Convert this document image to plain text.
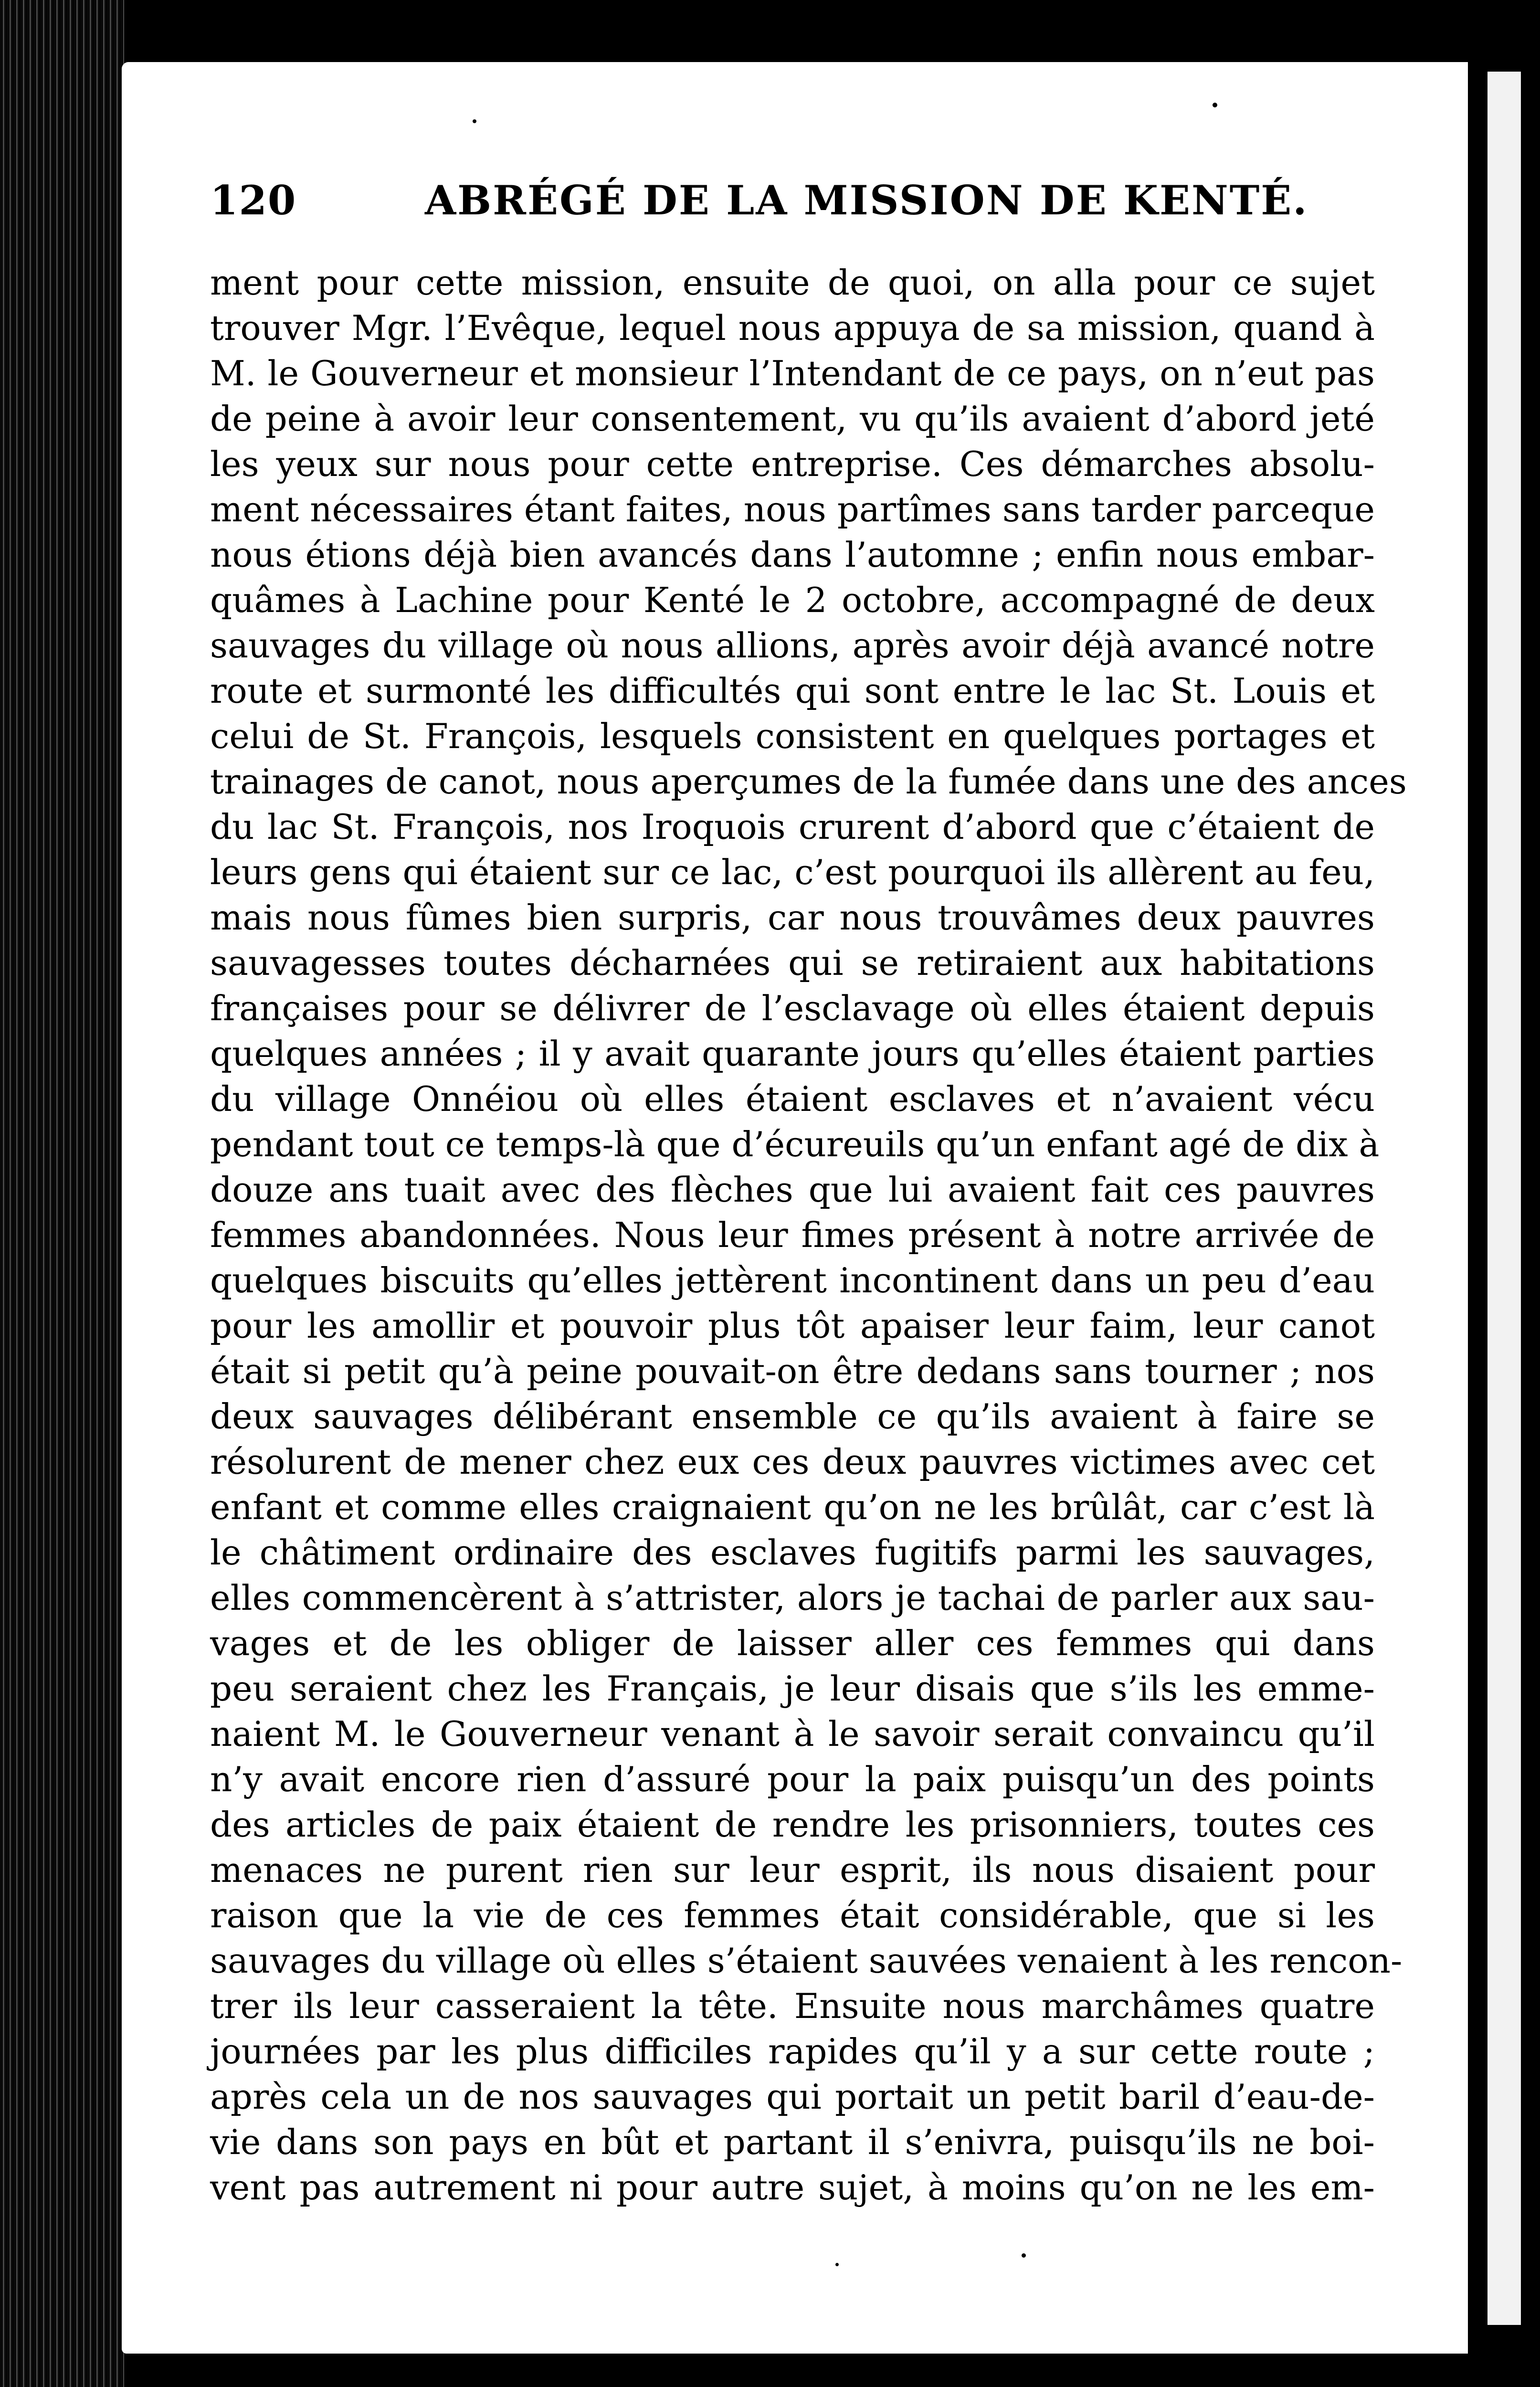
120	ABRÉGÉ DE LA MISSION DE KENTÉ.
ment pour cette mission, ensuite de quoi, on alla pour ce sujet
trouver Mgr. l’Evêque, lequel nous appuya de sa mission, quand à
M. le Gouverneur et monsieur l’Intendant de ce pays, on n’eut pas
de peine à avoir leur consentement, vu qu’ils avaient d’abord jeté
les yeux sur nous pour cette entreprise. Ces démarches absolu-
ment nécessaires étant faites, nous partîmes sans tarder parceque
nous étions déjà bien avancés dans l’automne ; enfin nous embar-
quâmes à Lachine pour Kenté le 2 octobre, accompagné de deux
sauvages du village où nous allions, après avoir déjà avancé notre
route et surmonté les difficultés qui sont entre le lac St. Louis et
celui de St. François, lesquels consistent en quelques portages et
trainages de canot, nous aperçumes de la fumée dans une des ances
du lac St. François, nos Iroquois crurent d’abord que c’étaient de
leurs gens qui étaient sur ce lac, c’est pourquoi ils allèrent au feu,
mais nous fûmes bien surpris, car nous trouvâmes deux pauvres
sauvagesses toutes décharnées qui se retiraient aux habitations
françaises pour se délivrer de l’esclavage où elles étaient depuis
quelques années ; il y avait quarante jours qu’elles étaient parties
du village Onnéiou où elles étaient esclaves et n’avaient vécu
pendant tout ce temps-là que d’écureuils qu’un enfant agé de dix à
douze ans tuait avec des flèches que lui avaient fait ces pauvres
femmes abandonnées. Nous leur fimes présent à notre arrivée de
quelques biscuits qu’elles jettèrent incontinent dans un peu d’eau
pour les amollir et pouvoir plus tôt apaiser leur faim, leur canot
était si petit qu’à peine pouvait-on être dedans sans tourner ; nos
deux sauvages délibérant ensemble ce qu’ils avaient à faire se
résolurent de mener chez eux ces deux pauvres victimes avec cet
enfant et comme elles craignaient qu’on ne les brûlât, car c’est là
le châtiment ordinaire des esclaves fugitifs parmi les sauvages,
elles commencèrent à s’attrister, alors je tachai de parler aux sau-
vages et de les obliger de laisser aller ces femmes qui dans
peu seraient chez les Français, je leur disais que s’ils les emme-
naient M. le Gouverneur venant à le savoir serait convaincu qu’il
n’y avait encore rien d’assuré pour la paix puisqu’un des points
des articles de paix étaient de rendre les prisonniers, toutes ces
menaces ne purent rien sur leur esprit, ils nous disaient pour
raison que la vie de ces femmes était considérable, que si les
sauvages du village où elles s’étaient sauvées venaient à les rencon-
trer ils leur casseraient la tête. Ensuite nous marchâmes quatre
journées par les plus difficiles rapides qu’il y a sur cette route ;
après cela un de nos sauvages qui portait un petit baril d’eau-de-
vie dans son pays en bût et partant il s’enivra, puisqu’ils ne boi-
vent pas autrement ni pour autre sujet, à moins qu’on ne les em-
